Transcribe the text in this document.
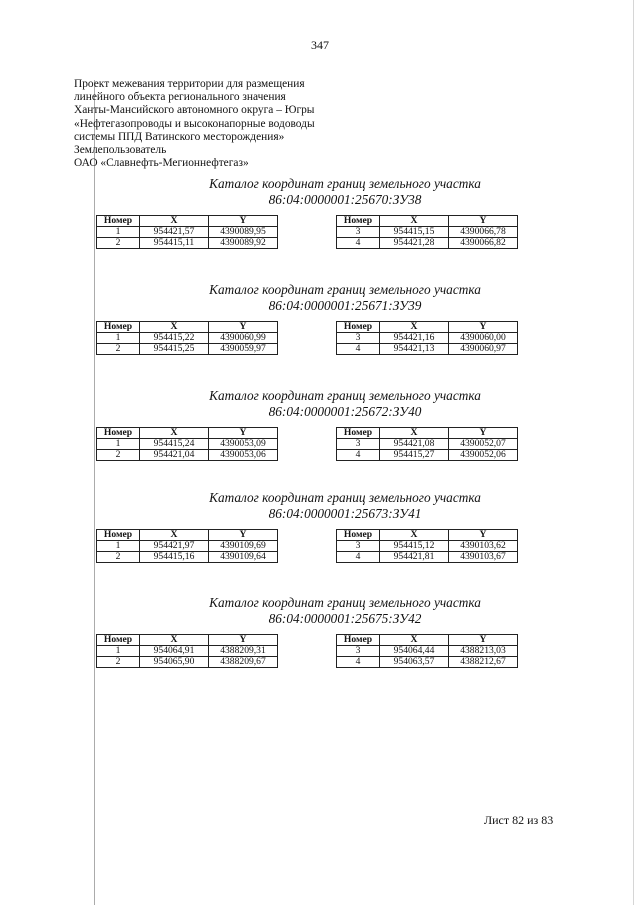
347
Проект межевания территории для размещения
линейного объекта регионального значения
Ханты-Мансийского автономного округа – Югры
«Нефтегазопроводы и высоконапорные водоводы
системы ППД Ватинского месторождения»
Землепользователь
ОАО «Славнефть-Мегионнефтегаз»
Каталог координат границ земельного участка
86:04:0000001:25670:ЗУ38
Номер	X	Y
1	954421,57	4390089,95
2	954415,11	4390089,92
Номер	X	Y
3	954415,15	4390066,78
4	954421,28	4390066,82
Каталог координат границ земельного участка
86:04:0000001:25671:ЗУ39
Номер	X	Y
1	954415,22	4390060,99
2	954415,25	4390059,97
Номер	X	Y
3	954421,16	4390060,00
4	954421,13	4390060,97
Каталог координат границ земельного участка
86:04:0000001:25672:ЗУ40
Номер	X	Y
1	954415,24	4390053,09
2	954421,04	4390053,06
Номер	X	Y
3	954421,08	4390052,07
4	954415,27	4390052,06
Каталог координат границ земельного участка
86:04:0000001:25673:ЗУ41
Номер	X	Y
1	954421,97	4390109,69
2	954415,16	4390109,64
Номер	X	Y
3	954415,12	4390103,62
4	954421,81	4390103,67
Каталог координат границ земельного участка
86:04:0000001:25675:ЗУ42
Номер	X	Y
1	954064,91	4388209,31
2	954065,90	4388209,67
Номер	X	Y
3	954064,44	4388213,03
4	954063,57	4388212,67
Лист 82 из 83
